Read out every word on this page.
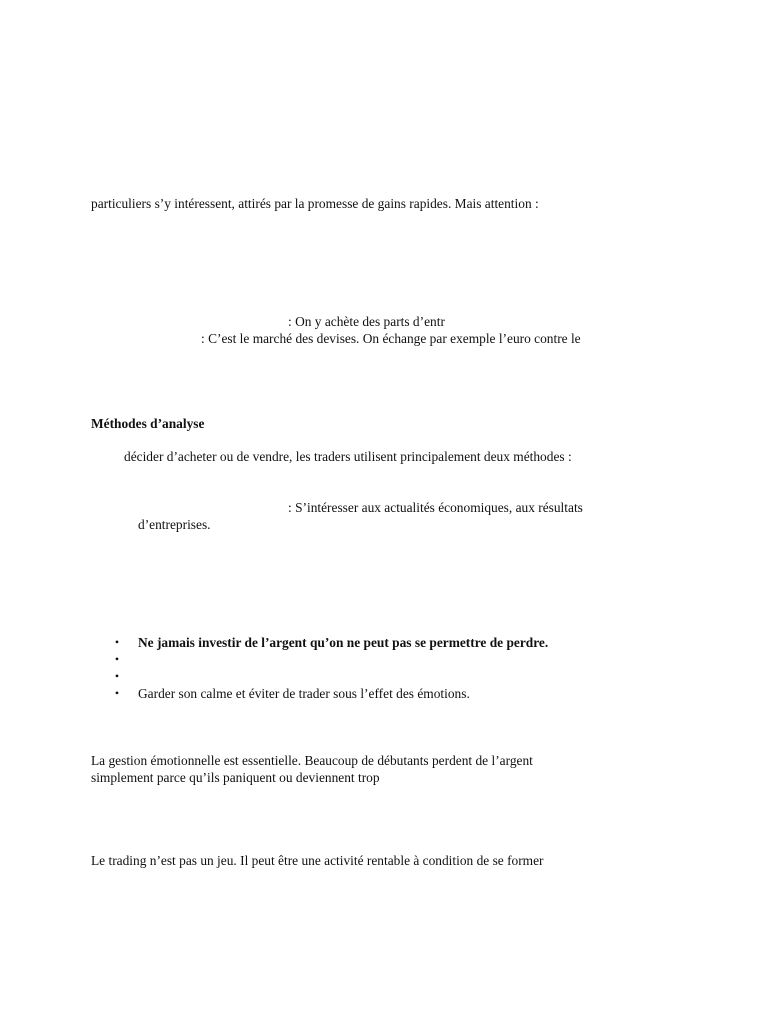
particuliers s’y intéressent, attirés par la promesse de gains rapides. Mais attention :
: On y achète des parts d’entr
: C’est le marché des devises. On échange par exemple l’euro contre le
Méthodes d’analyse
décider d’acheter ou de vendre, les traders utilisent principalement deux méthodes :
: S’intéresser aux actualités économiques, aux résultats
d’entreprises.
• Ne jamais investir de l’argent qu’on ne peut pas se permettre de perdre.
•
•
• Garder son calme et éviter de trader sous l’effet des émotions.
La gestion émotionnelle est essentielle. Beaucoup de débutants perdent de l’argent
simplement parce qu’ils paniquent ou deviennent trop
Le trading n’est pas un jeu. Il peut être une activité rentable à condition de se former
